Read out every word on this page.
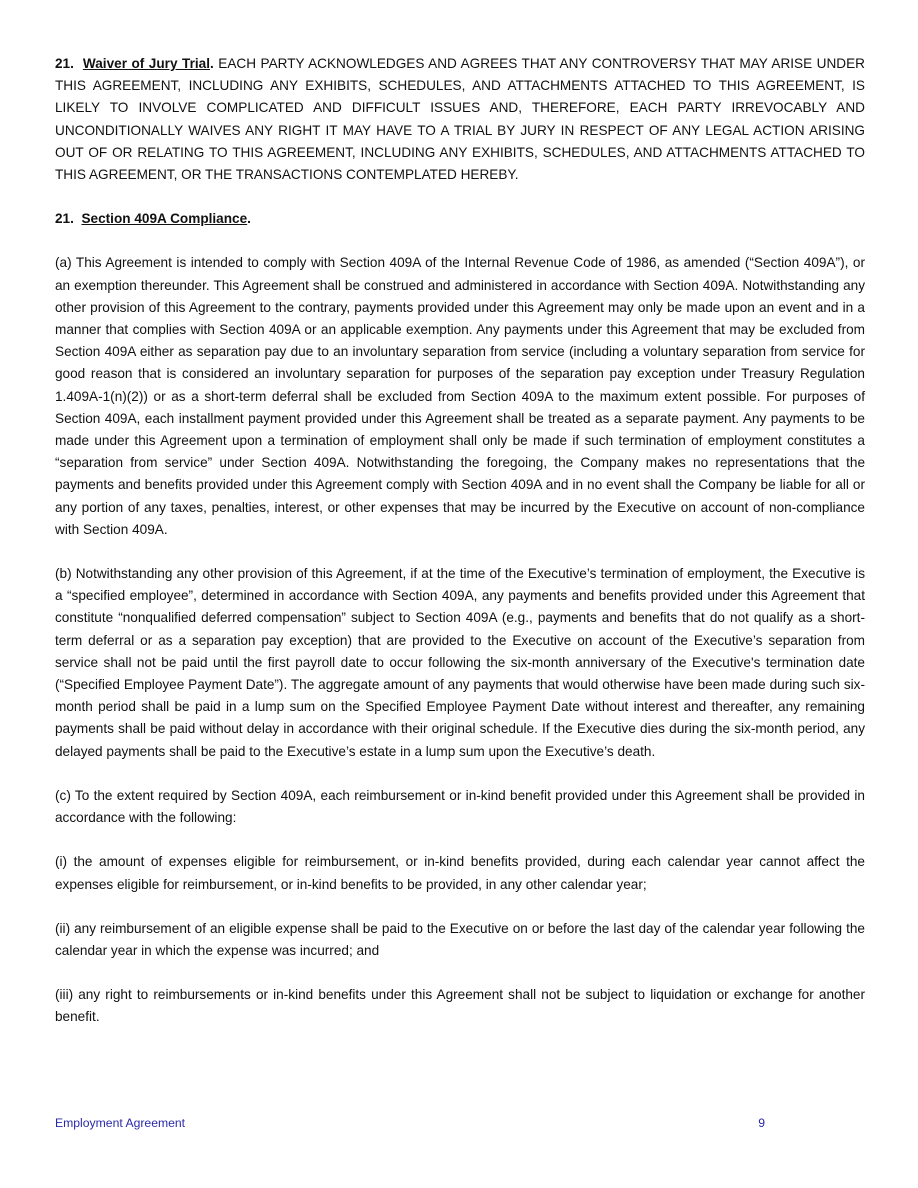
21. Waiver of Jury Trial. EACH PARTY ACKNOWLEDGES AND AGREES THAT ANY CONTROVERSY THAT MAY ARISE UNDER THIS AGREEMENT, INCLUDING ANY EXHIBITS, SCHEDULES, AND ATTACHMENTS ATTACHED TO THIS AGREEMENT, IS LIKELY TO INVOLVE COMPLICATED AND DIFFICULT ISSUES AND, THEREFORE, EACH PARTY IRREVOCABLY AND UNCONDITIONALLY WAIVES ANY RIGHT IT MAY HAVE TO A TRIAL BY JURY IN RESPECT OF ANY LEGAL ACTION ARISING OUT OF OR RELATING TO THIS AGREEMENT, INCLUDING ANY EXHIBITS, SCHEDULES, AND ATTACHMENTS ATTACHED TO THIS AGREEMENT, OR THE TRANSACTIONS CONTEMPLATED HEREBY.

21. Section 409A Compliance.

(a) This Agreement is intended to comply with Section 409A of the Internal Revenue Code of 1986, as amended (“Section 409A”), or an exemption thereunder. This Agreement shall be construed and administered in accordance with Section 409A. Notwithstanding any other provision of this Agreement to the contrary, payments provided under this Agreement may only be made upon an event and in a manner that complies with Section 409A or an applicable exemption. Any payments under this Agreement that may be excluded from Section 409A either as separation pay due to an involuntary separation from service (including a voluntary separation from service for good reason that is considered an involuntary separation for purposes of the separation pay exception under Treasury Regulation 1.409A-1(n)(2)) or as a short-term deferral shall be excluded from Section 409A to the maximum extent possible. For purposes of Section 409A, each installment payment provided under this Agreement shall be treated as a separate payment. Any payments to be made under this Agreement upon a termination of employment shall only be made if such termination of employment constitutes a “separation from service” under Section 409A. Notwithstanding the foregoing, the Company makes no representations that the payments and benefits provided under this Agreement comply with Section 409A and in no event shall the Company be liable for all or any portion of any taxes, penalties, interest, or other expenses that may be incurred by the Executive on account of non-compliance with Section 409A.

(b) Notwithstanding any other provision of this Agreement, if at the time of the Executive’s termination of employment, the Executive is a “specified employee”, determined in accordance with Section 409A, any payments and benefits provided under this Agreement that constitute “nonqualified deferred compensation” subject to Section 409A (e.g., payments and benefits that do not qualify as a short-term deferral or as a separation pay exception) that are provided to the Executive on account of the Executive’s separation from service shall not be paid until the first payroll date to occur following the six-month anniversary of the Executive's termination date (“Specified Employee Payment Date”). The aggregate amount of any payments that would otherwise have been made during such six-month period shall be paid in a lump sum on the Specified Employee Payment Date without interest and thereafter, any remaining payments shall be paid without delay in accordance with their original schedule. If the Executive dies during the six-month period, any delayed payments shall be paid to the Executive’s estate in a lump sum upon the Executive’s death.

(c) To the extent required by Section 409A, each reimbursement or in-kind benefit provided under this Agreement shall be provided in accordance with the following:

(i) the amount of expenses eligible for reimbursement, or in-kind benefits provided, during each calendar year cannot affect the expenses eligible for reimbursement, or in-kind benefits to be provided, in any other calendar year;

(ii) any reimbursement of an eligible expense shall be paid to the Executive on or before the last day of the calendar year following the calendar year in which the expense was incurred; and

(iii) any right to reimbursements or in-kind benefits under this Agreement shall not be subject to liquidation or exchange for another benefit.

Employment Agreement	9
